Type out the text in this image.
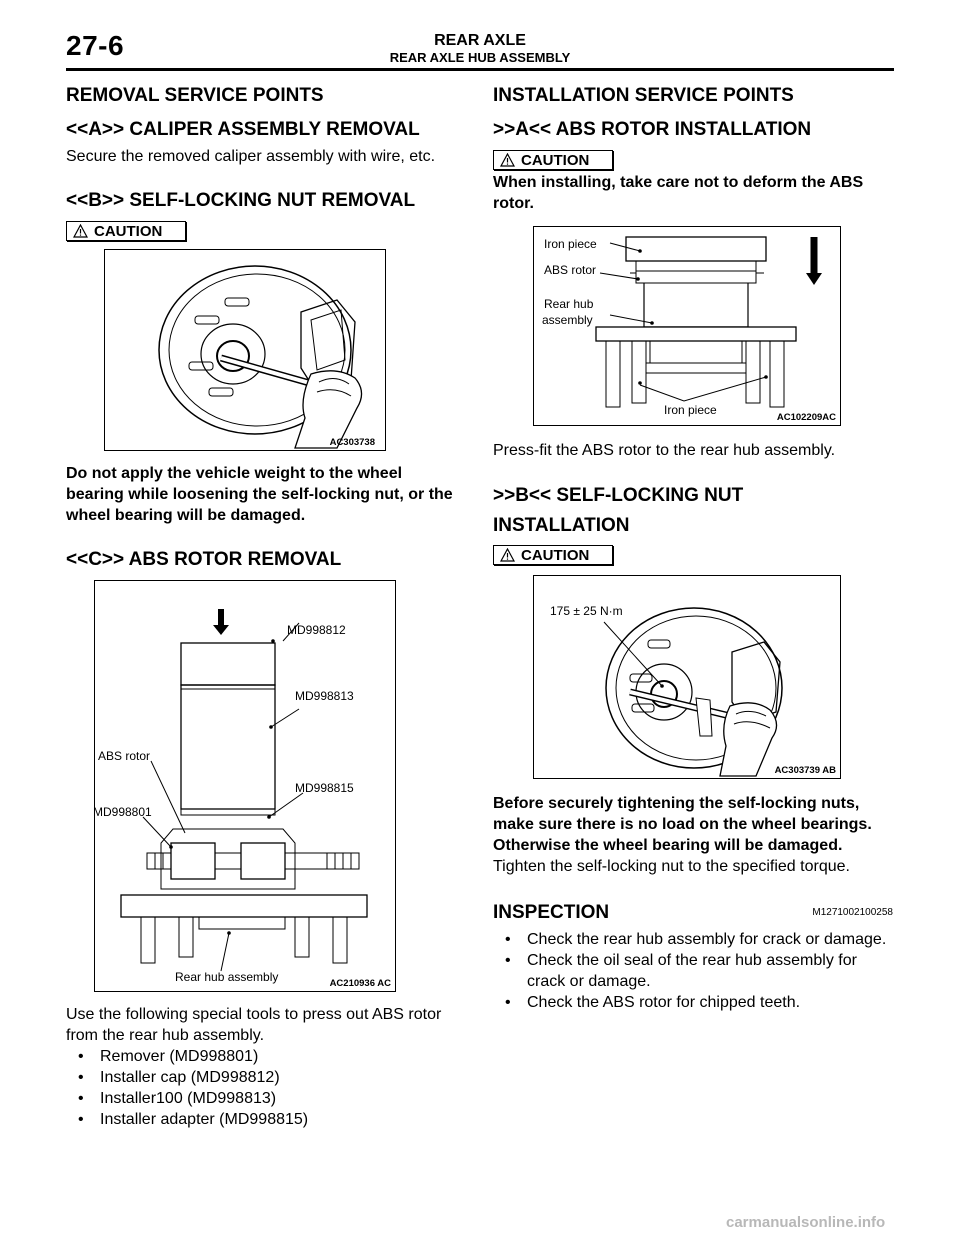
27-6	REAR AXLE
REAR AXLE HUB ASSEMBLY
REMOVAL SERVICE POINTS
<<A>> CALIPER ASSEMBLY REMOVAL

Secure the removed caliper assembly with wire, etc.

<<B>> SELF-LOCKING NUT REMOVAL
CAUTION
AC303738

Do not apply the vehicle weight to the wheel bearing while loosening the self-locking nut, or the wheel bearing will be damaged.

<<C>> ABS ROTOR REMOVAL
MD998812
MD998813
ABS rotor
MD998815
MD998801
Rear hub assembly	AC210936 AC

Use the following special tools to press out ABS rotor from the rear hub assembly.

• Remover (MD998801)
• Installer cap (MD998812)
• Installer100 (MD998813)
• Installer adapter (MD998815)
INSTALLATION SERVICE POINTS
>>A<< ABS ROTOR INSTALLATION
CAUTION

When installing, take care not to deform the ABS rotor.

Iron piece
ABS rotor
Rear hub
assembly
Iron piece
AC102209AC

Press-fit the ABS rotor to the rear hub assembly.

>>B<< SELF-LOCKING NUT
INSTALLATION
CAUTION
175 ± 25 N·m
AC303739 AB

Before securely tightening the self-locking nuts, make sure there is no load on the wheel bearings. Otherwise the wheel bearing will be damaged.

Tighten the self-locking nut to the specified torque.

INSPECTION	M1271002100258
• Check the rear hub assembly for crack or damage.
• Check the oil seal of the rear hub assembly for crack or damage.
• Check the ABS rotor for chipped teeth.
carmanualsonline.info
